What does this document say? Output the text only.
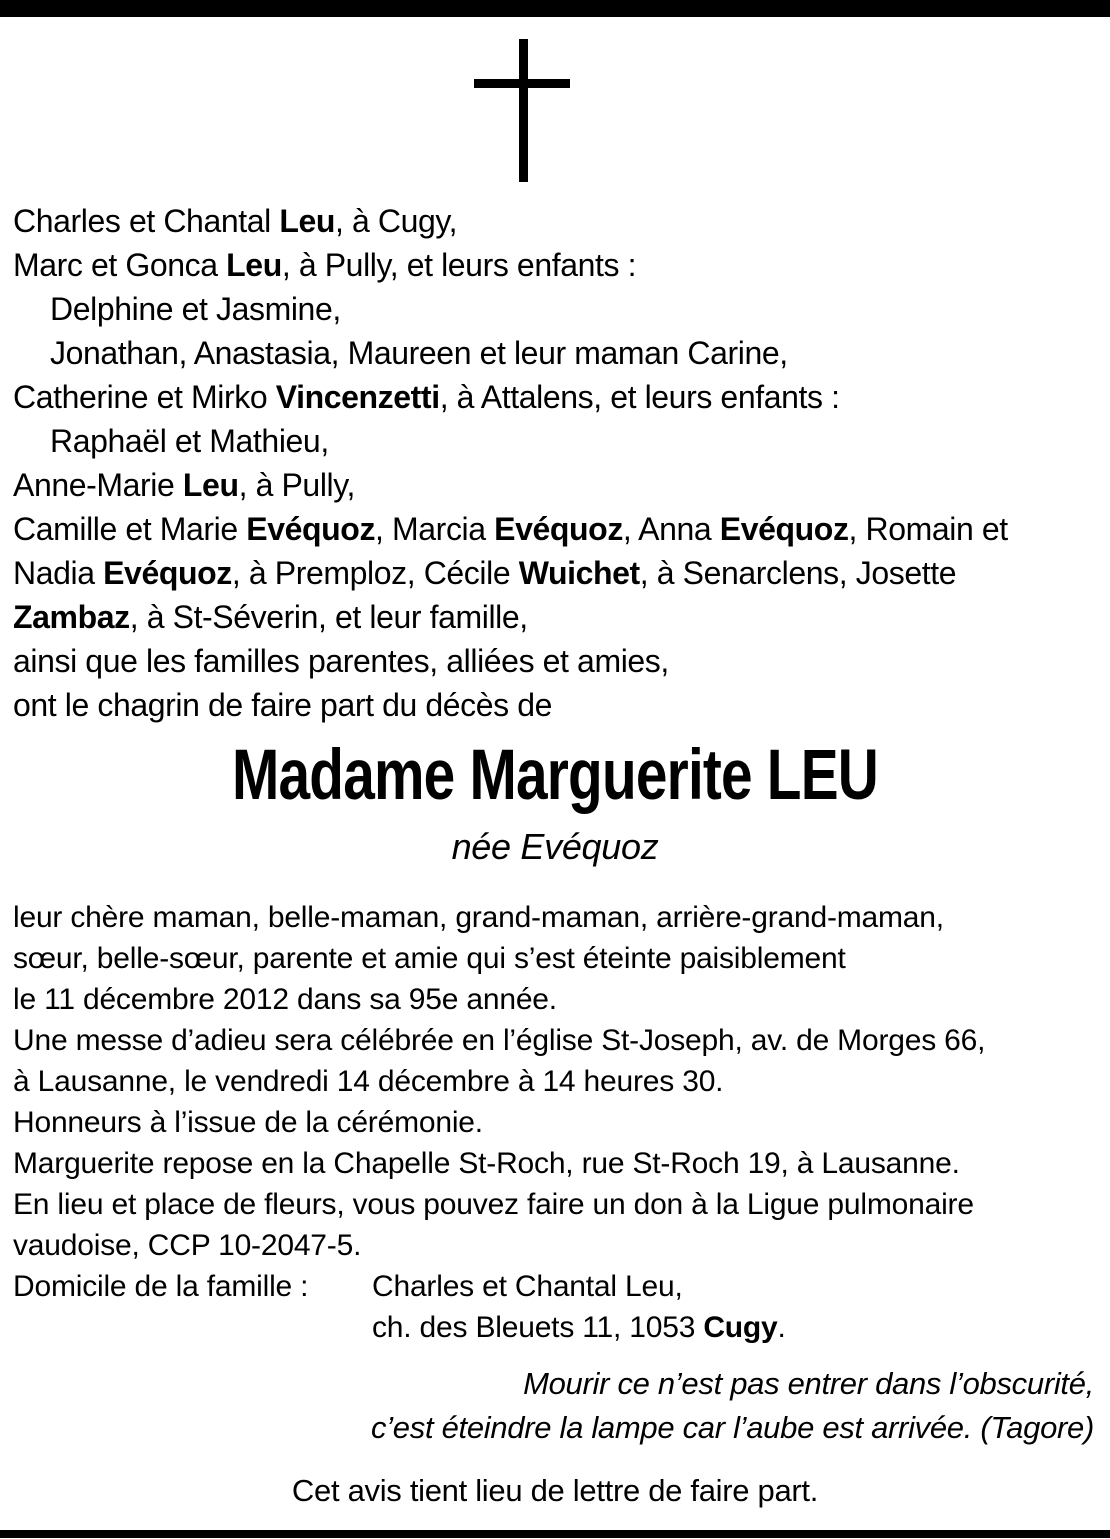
Charles et Chantal Leu, à Cugy,
Marc et Gonca Leu, à Pully, et leurs enfants :
Delphine et Jasmine,
Jonathan, Anastasia, Maureen et leur maman Carine,
Catherine et Mirko Vincenzetti, à Attalens, et leurs enfants :
Raphaël et Mathieu,
Anne-Marie Leu, à Pully,
Camille et Marie Evéquoz, Marcia Evéquoz, Anna Evéquoz, Romain et
Nadia Evéquoz, à Premploz, Cécile Wuichet, à Senarclens, Josette
Zambaz, à St-Séverin, et leur famille,
ainsi que les familles parentes, alliées et amies,
ont le chagrin de faire part du décès de
Madame Marguerite LEU
née Evéquoz
leur chère maman, belle-maman, grand-maman, arrière-grand-maman,
sœur, belle-sœur, parente et amie qui s’est éteinte paisiblement
le 11 décembre 2012 dans sa 95e année.
Une messe d’adieu sera célébrée en l’église St-Joseph, av. de Morges 66,
à Lausanne, le vendredi 14 décembre à 14 heures 30.
Honneurs à l’issue de la cérémonie.
Marguerite repose en la Chapelle St-Roch, rue St-Roch 19, à Lausanne.
En lieu et place de fleurs, vous pouvez faire un don à la Ligue pulmonaire
vaudoise, CCP 10-2047-5.
Domicile de la famille : Charles et Chantal Leu,
ch. des Bleuets 11, 1053 Cugy.
Mourir ce n’est pas entrer dans l’obscurité,
c’est éteindre la lampe car l’aube est arrivée. (Tagore)
Cet avis tient lieu de lettre de faire part.
